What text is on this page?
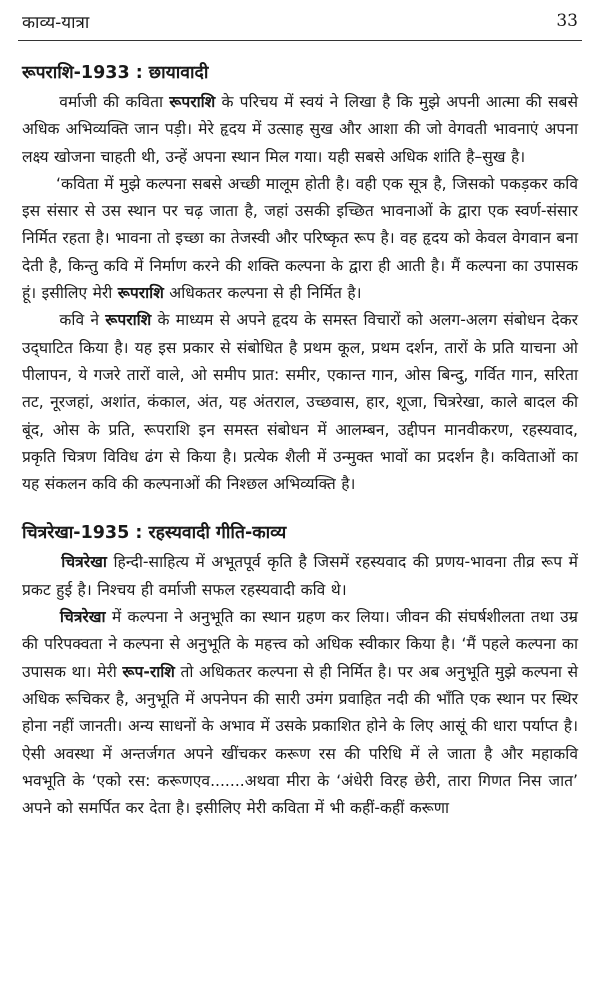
काव्य-यात्रा	33
रूपराशि-1933 : छायावादी

वर्माजी की कविता रूपराशि के परिचय में स्वयं ने लिखा है कि मुझे अपनी आत्मा की सबसे अधिक अभिव्यक्ति जान पड़ी। मेरे हृदय में उत्साह सुख और आशा की जो वेगवती भावनाएं अपना लक्ष्य खोजना चाहती थी, उन्हें अपना स्थान मिल गया। यही सबसे अधिक शांति है–सुख है।

‘कविता में मुझे कल्पना सबसे अच्छी मालूम होती है। वही एक सूत्र है, जिसको पकड़कर कवि इस संसार से उस स्थान पर चढ़ जाता है, जहां उसकी इच्छित भावनाओं के द्वारा एक स्वर्ण-संसार निर्मित रहता है। भावना तो इच्छा का तेजस्वी और परिष्कृत रूप है। वह हृदय को केवल वेगवान बना देती है, किन्तु कवि में निर्माण करने की शक्ति कल्पना के द्वारा ही आती है। मैं कल्पना का उपासक हूं। इसीलिए मेरी रूपराशि अधिकतर कल्पना से ही निर्मित है।

कवि ने रूपराशि के माध्यम से अपने हृदय के समस्त विचारों को अलग-अलग संबोधन देकर उद्‍घाटित किया है। यह इस प्रकार से संबोधित है प्रथम कूल, प्रथम दर्शन, तारों के प्रति याचना ओ पीलापन, ये गजरे तारों वाले, ओ समीप प्रात: समीर, एकान्त गान, ओस बिन्दु, गर्वित गान, सरिता तट, नूरजहां, अशांत, कंकाल, अंत, यह अंतराल, उच्छवास, हार, शूजा, चित्ररेखा, काले बादल की बूंद, ओस के प्रति, रूपराशि इन समस्त संबोधन में आलम्बन, उद्दीपन मानवीकरण, रहस्यवाद, प्रकृति चित्रण विविध ढंग से किया है। प्रत्येक शैली में उन्मुक्त भावों का प्रदर्शन है। कविताओं का यह संकलन कवि की कल्पनाओं की निश्छल अभिव्यक्ति है।

चित्ररेखा-1935 : रहस्यवादी गीति-काव्य

चित्ररेखा हिन्दी-साहित्य में अभूतपूर्व कृति है जिसमें रहस्यवाद की प्रणय-भावना तीव्र रूप में प्रकट हुई है। निश्चय ही वर्माजी सफल रहस्यवादी कवि थे।

चित्ररेखा में कल्पना ने अनुभूति का स्थान ग्रहण कर लिया। जीवन की संघर्षशीलता तथा उम्र की परिपक्वता ने कल्पना से अनुभूति के महत्त्व को अधिक स्वीकार किया है। ‘मैं पहले कल्पना का उपासक था। मेरी रूप-राशि तो अधिकतर कल्पना से ही निर्मित है। पर अब अनुभूति मुझे कल्पना से अधिक रूचिकर है, अनुभूति में अपनेपन की सारी उमंग प्रवाहित नदी की भाँति एक स्थान पर स्थिर होना नहीं जानती। अन्य साधनों के अभाव में उसके प्रकाशित होने के लिए आसूं की धारा पर्याप्त है। ऐसी अवस्था में अन्तर्जगत अपने खींचकर करूण रस की परिधि में ले जाता है और महाकवि भवभूति के ‘एको रस: करूणएव.......अथवा मीरा के ‘अंधेरी विरह छेरी, तारा गिणत निस जात’ अपने को समर्पित कर देता है। इसीलिए मेरी कविता में भी कहीं-कहीं करूणा
